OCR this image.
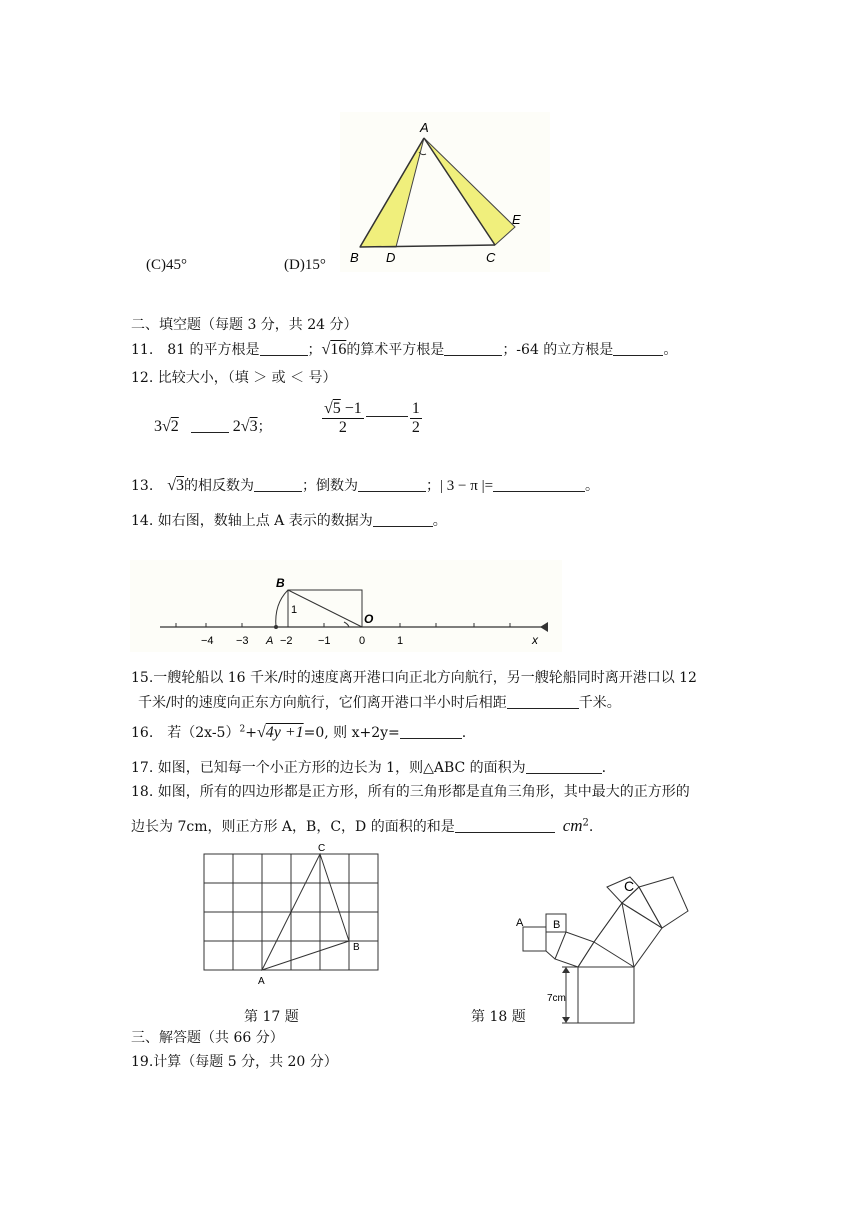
A
B D	C
E
(C)45°	(D)15°
二、填空题（每题 3 分，共 24 分）
11.　81 的平方根是	；√16的算术平方根是	；-64 的立方根是	。
12. 比较大小，（填 ＞ 或 ＜ 号）
3√2	2√3；	$\frac{√5 -1}{2}$	$\frac{1}{2}$
13.　 √3的相反数为	；倒数为	；| 3 − π |=	。
14. 如右图，数轴上点 A 表示的数据为	。
B
1
O
−4 −3 A −2 −1	0	1	x
15.一艘轮船以 16 千米/时的速度离开港口向正北方向航行，另一艘轮船同时离开港口以 12
千米/时的速度向正东方向航行，它们离开港口半小时后相距	千米。
16.　若$(2x-5)^2+√4y +1=0$, 则 x+2y=	.
17. 如图，已知每一个小正方形的边长为 1，则△ABC 的面积为	.
18. 如图，所有的四边形都是正方形，所有的三角形都是直角三角形，其中最大的正方形的
边长为 7cm，则正方形 A，B，C，D 的面积的和是	$cm^2$.
A
B
C
A	B
C
7cm
第 17 题	第 18 题
三、解答题（共 66 分）
19.计算（每题 5 分，共 20 分）
